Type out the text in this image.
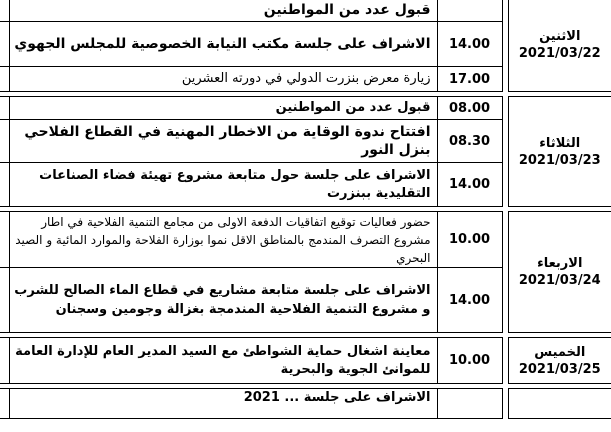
	قبول عدد من المواطنين			الاثنين
2021/03/22

	الاشراف على جلسة مكتب النيابة الخصوصية للمجلس الجهوي	14.00		
	زيارة معرض بنزرت الدولي في دورته العشرين	17.00		

	قبول عدد من المواطنين	08.00		الثلاثاء
2021/03/23

	افتتاح ندوة الوقاية من الاخطار المهنية في القطاع الفلاحي بنزل النور	08.30		
	الاشراف على جلسة حول متابعة مشروع تهيئة فضاء الصناعات التقليدية ببنزرت	14.00		

	حضور فعاليات توقيع اتفاقيات الدفعة الاولى من مجامع التنمية الفلاحية في اطار مشروع التصرف المندمج بالمناطق الاقل نموا بوزارة الفلاحة والموارد المائية و الصيد البحري	10.00		الاربعاء
2021/03/24

	الاشراف على جلسة متابعة مشاريع في قطاع الماء الصالح للشرب و مشروع التنمية الفلاحية المندمجة بغزالة وجومين وسجنان	14.00		

	معاينة اشغال حماية الشواطئ مع السيد المدير العام للإدارة العامة للموانئ الجوية والبحرية	10.00		الخميس
2021/03/25

	الاشراف على جلسة ... 2021			
